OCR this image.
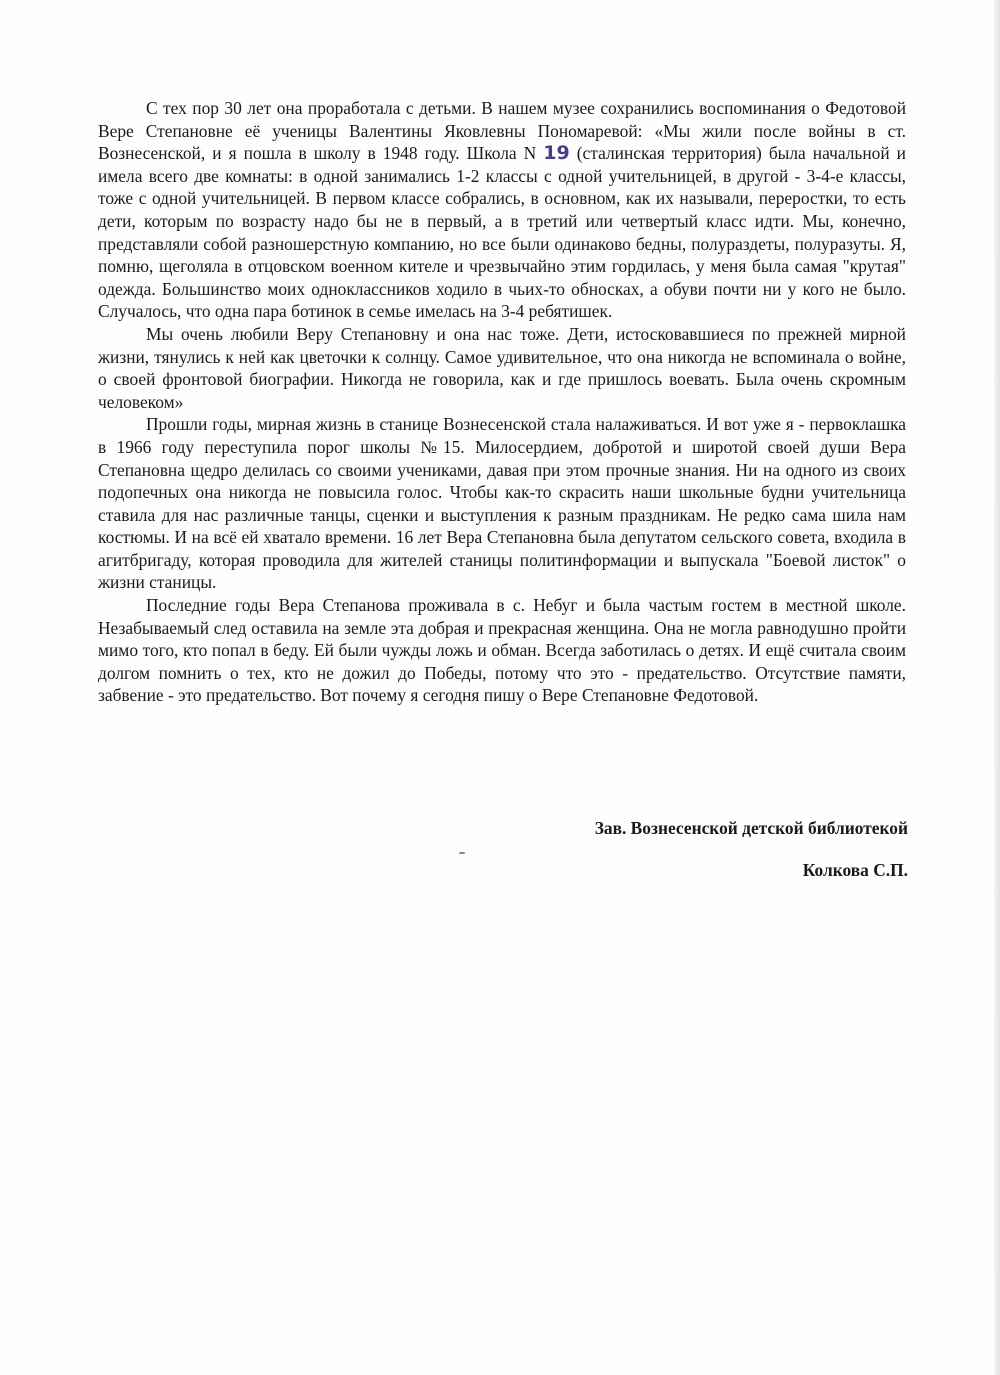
С тех пор 30 лет она проработала с детьми. В нашем музее сохранились воспоминания о Федотовой Вере Степановне её ученицы Валентины Яковлевны Пономаревой: «Мы жили после войны в ст. Вознесенской, и я пошла в школу в 1948 году. Школа N 19 (сталинская территория) была начальной и имела всего две комнаты: в одной занимались 1-2 классы с одной учительницей, в другой - 3-4-е классы, тоже с одной учительницей. В первом классе собрались, в основном, как их называли, переростки, то есть дети, которым по возрасту надо бы не в первый, а в третий или четвертый класс идти. Мы, конечно, представляли собой разношерстную компанию, но все были одинаково бедны, полураздеты, полуразуты. Я, помню, щеголяла в отцовском военном кителе и чрезвычайно этим гордилась, у меня была самая "крутая" одежда. Большинство моих одноклассников ходило в чьих-то обносках, а обуви почти ни у кого не было. Случалось, что одна пара ботинок в семье имелась на 3-4 ребятишек.

Мы очень любили Веру Степановну и она нас тоже. Дети, истосковавшиеся по прежней мирной жизни, тянулись к ней как цветочки к солнцу. Самое удивительное, что она никогда не вспоминала о войне, о своей фронтовой биографии. Никогда не говорила, как и где пришлось воевать. Была очень скромным человеком»

Прошли годы, мирная жизнь в станице Вознесенской стала налаживаться. И вот уже я - первоклашка в 1966 году переступила порог школы №15. Милосердием, добротой и широтой своей души Вера Степановна щедро делилась со своими учениками, давая при этом прочные знания. Ни на одного из своих подопечных она никогда не повысила голос. Чтобы как-то скрасить наши школьные будни учительница ставила для нас различные танцы, сценки и выступления к разным праздникам. Не редко сама шила нам костюмы. И на всё ей хватало времени. 16 лет Вера Степановна была депутатом сельского совета, входила в агитбригаду, которая проводила для жителей станицы политинформации и выпускала "Боевой листок" о жизни станицы.

Последние годы Вера Степанова проживала в с. Небуг и была частым гостем в местной школе. Незабываемый след оставила на земле эта добрая и прекрасная женщина. Она не могла равнодушно пройти мимо того, кто попал в беду. Ей были чужды ложь и обман. Всегда заботилась о детях. И ещё считала своим долгом помнить о тех, кто не дожил до Победы, потому что это - предательство. Отсутствие памяти, забвение - это предательство. Вот почему я сегодня пишу о Вере Степановне Федотовой.

Зав. Вознесенской детской библиотекой

Колкова С.П.
